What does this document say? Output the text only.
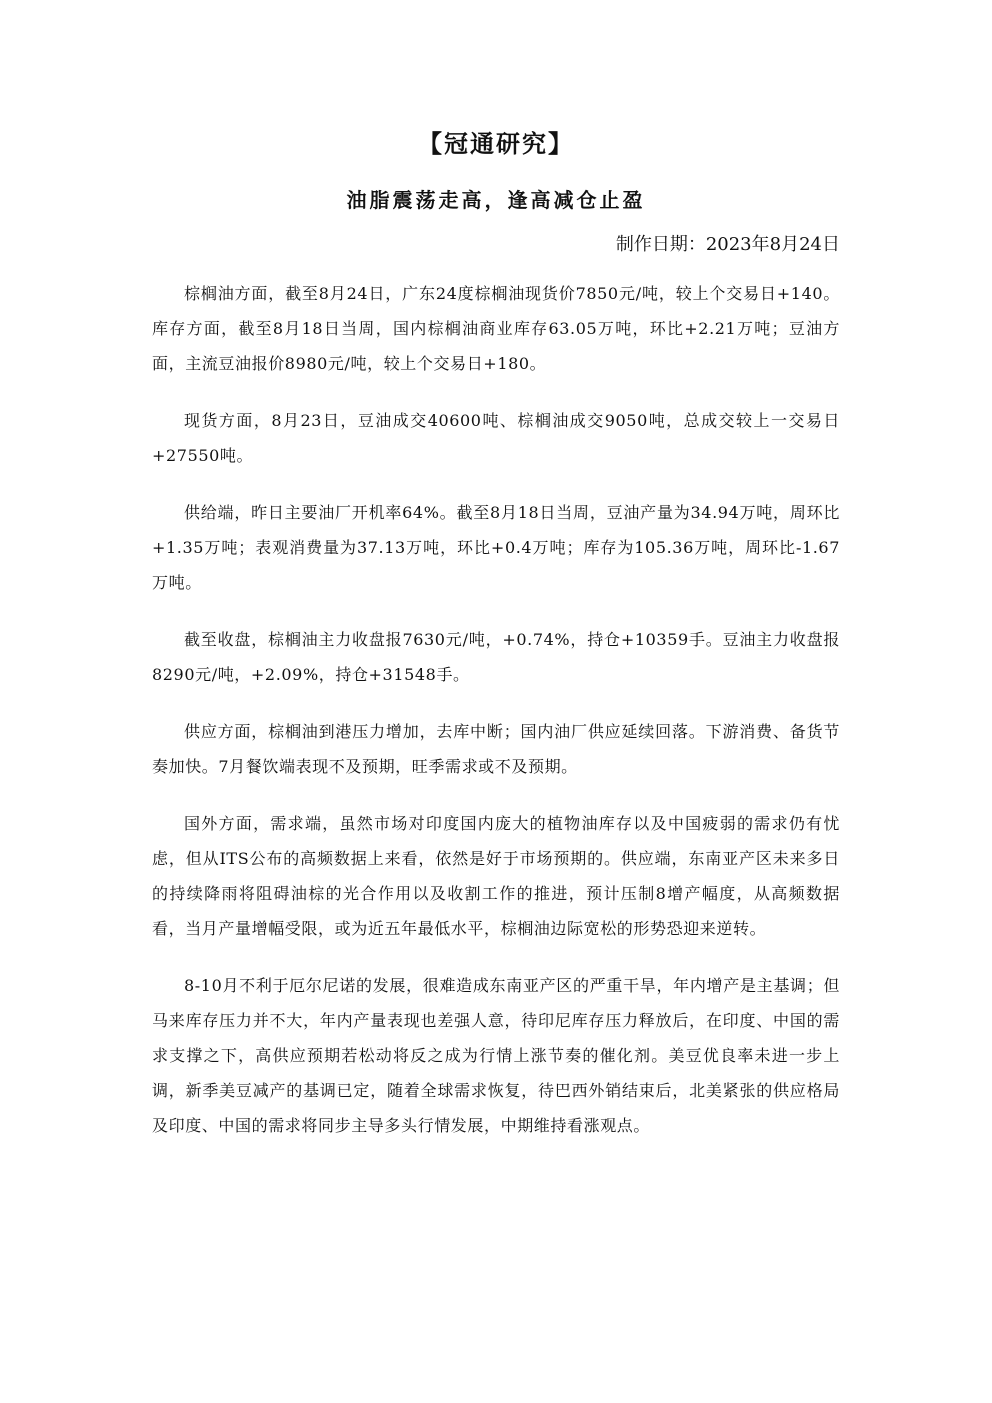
【冠通研究】
油脂震荡走高，逢高减仓止盈
制作日期：2023年8月24日

棕榈油方面，截至8月24日，广东24度棕榈油现货价7850元/吨，较上个交易日+140。库存方面，截至8月18日当周，国内棕榈油商业库存63.05万吨，环比+2.21万吨；豆油方面，主流豆油报价8980元/吨，较上个交易日+180。

现货方面，8月23日，豆油成交40600吨、棕榈油成交9050吨，总成交较上一交易日+27550吨。

供给端，昨日主要油厂开机率64%。截至8月18日当周，豆油产量为34.94万吨，周环比+1.35万吨；表观消费量为37.13万吨，环比+0.4万吨；库存为105.36万吨，周环比-1.67万吨。

截至收盘，棕榈油主力收盘报7630元/吨，+0.74%，持仓+10359手。豆油主力收盘报8290元/吨，+2.09%，持仓+31548手。

供应方面，棕榈油到港压力增加，去库中断；国内油厂供应延续回落。下游消费、备货节奏加快。7月餐饮端表现不及预期，旺季需求或不及预期。

国外方面，需求端，虽然市场对印度国内庞大的植物油库存以及中国疲弱的需求仍有忧虑，但从ITS公布的高频数据上来看，依然是好于市场预期的。供应端，东南亚产区未来多日的持续降雨将阻碍油棕的光合作用以及收割工作的推进，预计压制8增产幅度，从高频数据看，当月产量增幅受限，或为近五年最低水平，棕榈油边际宽松的形势恐迎来逆转。

8-10月不利于厄尔尼诺的发展，很难造成东南亚产区的严重干旱，年内增产是主基调；但马来库存压力并不大，年内产量表现也差强人意，待印尼库存压力释放后，在印度、中国的需求支撑之下，高供应预期若松动将反之成为行情上涨节奏的催化剂。美豆优良率未进一步上调，新季美豆减产的基调已定，随着全球需求恢复，待巴西外销结束后，北美紧张的供应格局及印度、中国的需求将同步主导多头行情发展，中期维持看涨观点。
